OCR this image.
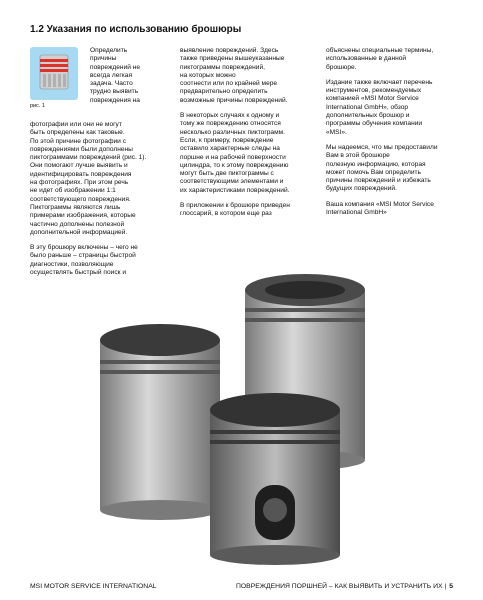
1.2 Указания по использованию брошюры
рис. 1
Определить
причины
повреждений не
всегда легкая
задача. Часто
трудно выявить
повреждения на

фотографии или они не могут
быть определены как таковые.
По этой причине фотографии с
повреждениями были дополнены
пиктограммами повреждений (рис. 1).
Они помогают лучше выявить и
идентифицировать повреждения
на фотографиях. При этом речь
не идет об изображении 1:1
соответствующего повреждения.
Пиктограммы являются лишь
примерами изображения, которые
частично дополнены полезной
дополнительной информацией.

В эту брошюру включены – чего не
было раньше – страницы быстрой
диагностики, позволяющие
осуществлять быстрый поиск и

выявление повреждений. Здесь
также приведены вышеуказанные
пиктограммы повреждений,
на которых можно
соотнести или по крайней мере
предварительно определить
возможные причины повреждений.

В некоторых случаях к одному и
тому же повреждению относятся
несколько различных пиктограмм.
Если, к примеру, повреждение
оставило характерные следы на
поршне и на рабочей поверхности
цилиндра, то к этому повреждению
могут быть две пиктограммы с
соответствующими элементами и
их характеристиками повреждений.

В приложении к брошюре приведен
глоссарий, в котором еще раз

объяснены специальные термины,
использованные в данной
брошюре.

Издание также включает перечень
инструментов, рекомендуемых
компанией «MSI Motor Service
International GmbH», обзор
дополнительных брошюр и
программы обучения компании
«MSI».

Мы надеемся, что мы предоставили
Вам в этой брошюре
полезную информацию, которая
может помочь Вам определить
причины повреждений и избежать
будущих повреждений.

Ваша компания «MSI Motor Service
International GmbH»

MSI MOTOR SERVICE INTERNATIONAL	ПОВРЕЖДЕНИЯ ПОРШНЕЙ – КАК ВЫЯВИТЬ И УСТРАНИТЬ ИХ | 5
